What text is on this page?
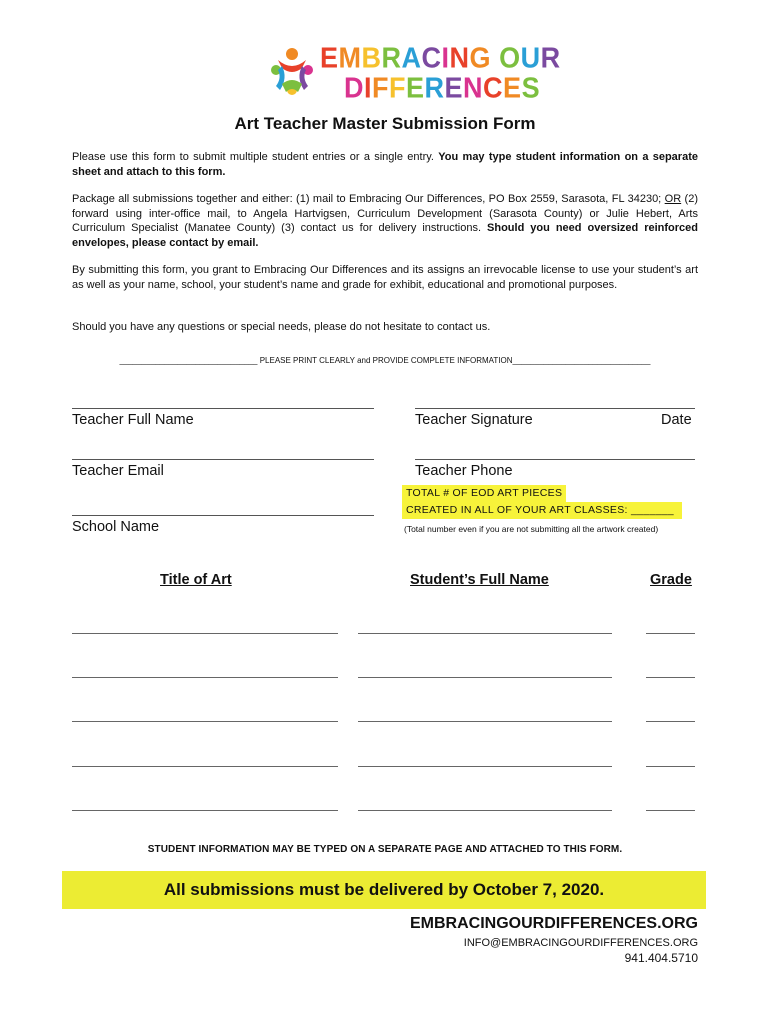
EMBRACING OUR
DIFFERENCES
Art Teacher Master Submission Form
Please use this form to submit multiple student entries or a single entry. You may type student information on a separate sheet and attach to this form.
Package all submissions together and either: (1) mail to Embracing Our Differences, PO Box 2559, Sarasota, FL 34230; OR (2) forward using inter-office mail, to Angela Hartvigsen, Curriculum Development (Sarasota County) or Julie Hebert, Arts Curriculum Specialist (Manatee County) (3) contact us for delivery instructions. Should you need oversized reinforced envelopes, please contact by email.
By submitting this form, you grant to Embracing Our Differences and its assigns an irrevocable license to use your student’s art as well as your name, school, your student’s name and grade for exhibit, educational and promotional purposes.
Should you have any questions or special needs, please do not hesitate to contact us.
_______________________________ PLEASE PRINT CLEARLY and PROVIDE COMPLETE INFORMATION_______________________________
Teacher Full Name	Teacher Signature	Date
Teacher Email	Teacher Phone
TOTAL # OF EOD ART PIECES
CREATED IN ALL OF YOUR ART CLASSES: _______
(Total number even if you are not submitting all the artwork created)
School Name
Title of Art	Student’s Full Name	Grade
STUDENT INFORMATION MAY BE TYPED ON A SEPARATE PAGE AND ATTACHED TO THIS FORM.
All submissions must be delivered by October 7, 2020.
EMBRACINGOURDIFFERENCES.ORG
INFO@EMBRACINGOURDIFFERENCES.ORG
941.404.5710
